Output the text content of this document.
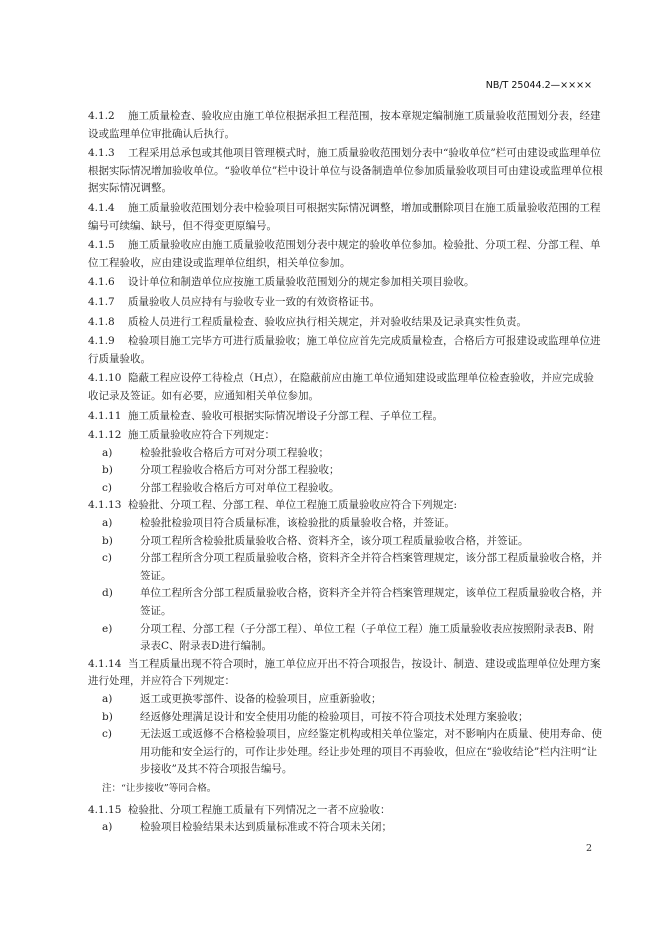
NB/T 25044.2—××××
4.1.2 施工质量检查、验收应由施工单位根据承担工程范围，按本章规定编制施工质量验收范围划分表，经建设或监理单位审批确认后执行。
4.1.3 工程采用总承包或其他项目管理模式时，施工质量验收范围划分表中“验收单位”栏可由建设或监理单位根据实际情况增加验收单位。“验收单位”栏中设计单位与设备制造单位参加质量验收项目可由建设或监理单位根据实际情况调整。
4.1.4 施工质量验收范围划分表中检验项目可根据实际情况调整，增加或删除项目在施工质量验收范围的工程编号可续编、缺号，但不得变更原编号。
4.1.5 施工质量验收应由施工质量验收范围划分表中规定的验收单位参加。检验批、分项工程、分部工程、单位工程验收，应由建设或监理单位组织，相关单位参加。
4.1.6 设计单位和制造单位应按施工质量验收范围划分的规定参加相关项目验收。
4.1.7 质量验收人员应持有与验收专业一致的有效资格证书。
4.1.8 质检人员进行工程质量检查、验收应执行相关规定，并对验收结果及记录真实性负责。
4.1.9 检验项目施工完毕方可进行质量验收；施工单位应首先完成质量检查，合格后方可报建设或监理单位进行质量验收。
4.1.10 隐蔽工程应设停工待检点（H点），在隐蔽前应由施工单位通知建设或监理单位检查验收，并应完成验收记录及签证。如有必要，应通知相关单位参加。
4.1.11 施工质量检查、验收可根据实际情况增设子分部工程、子单位工程。
4.1.12 施工质量验收应符合下列规定：
a)	检验批验收合格后方可对分项工程验收；
b)	分项工程验收合格后方可对分部工程验收；
c)	分部工程验收合格后方可对单位工程验收。
4.1.13 检验批、分项工程、分部工程、单位工程施工质量验收应符合下列规定:
a)	检验批检验项目符合质量标准，该检验批的质量验收合格，并签证。
b)	分项工程所含检验批质量验收合格、资料齐全，该分项工程质量验收合格，并签证。
c)	分部工程所含分项工程质量验收合格，资料齐全并符合档案管理规定，该分部工程质量验收合格，并签证。
d)	单位工程所含分部工程质量验收合格，资料齐全并符合档案管理规定，该单位工程质量验收合格，并签证。
e)	分项工程、分部工程（子分部工程）、单位工程（子单位工程）施工质量验收表应按照附录表B、附录表C、附录表D进行编制。
4.1.14 当工程质量出现不符合项时，施工单位应开出不符合项报告，按设计、制造、建设或监理单位处理方案进行处理，并应符合下列规定：
a)	返工或更换零部件、设备的检验项目，应重新验收；
b)	经返修处理满足设计和安全使用功能的检验项目，可按不符合项技术处理方案验收；
c)	无法返工或返修不合格检验项目，应经鉴定机构或相关单位鉴定，对不影响内在质量、使用寿命、使用功能和安全运行的，可作让步处理。经让步处理的项目不再验收，但应在“验收结论”栏内注明“让步接收”及其不符合项报告编号。
注：“让步接收”等同合格。
4.1.15 检验批、分项工程施工质量有下列情况之一者不应验收：
a)	检验项目检验结果未达到质量标准或不符合项未关闭；
2
